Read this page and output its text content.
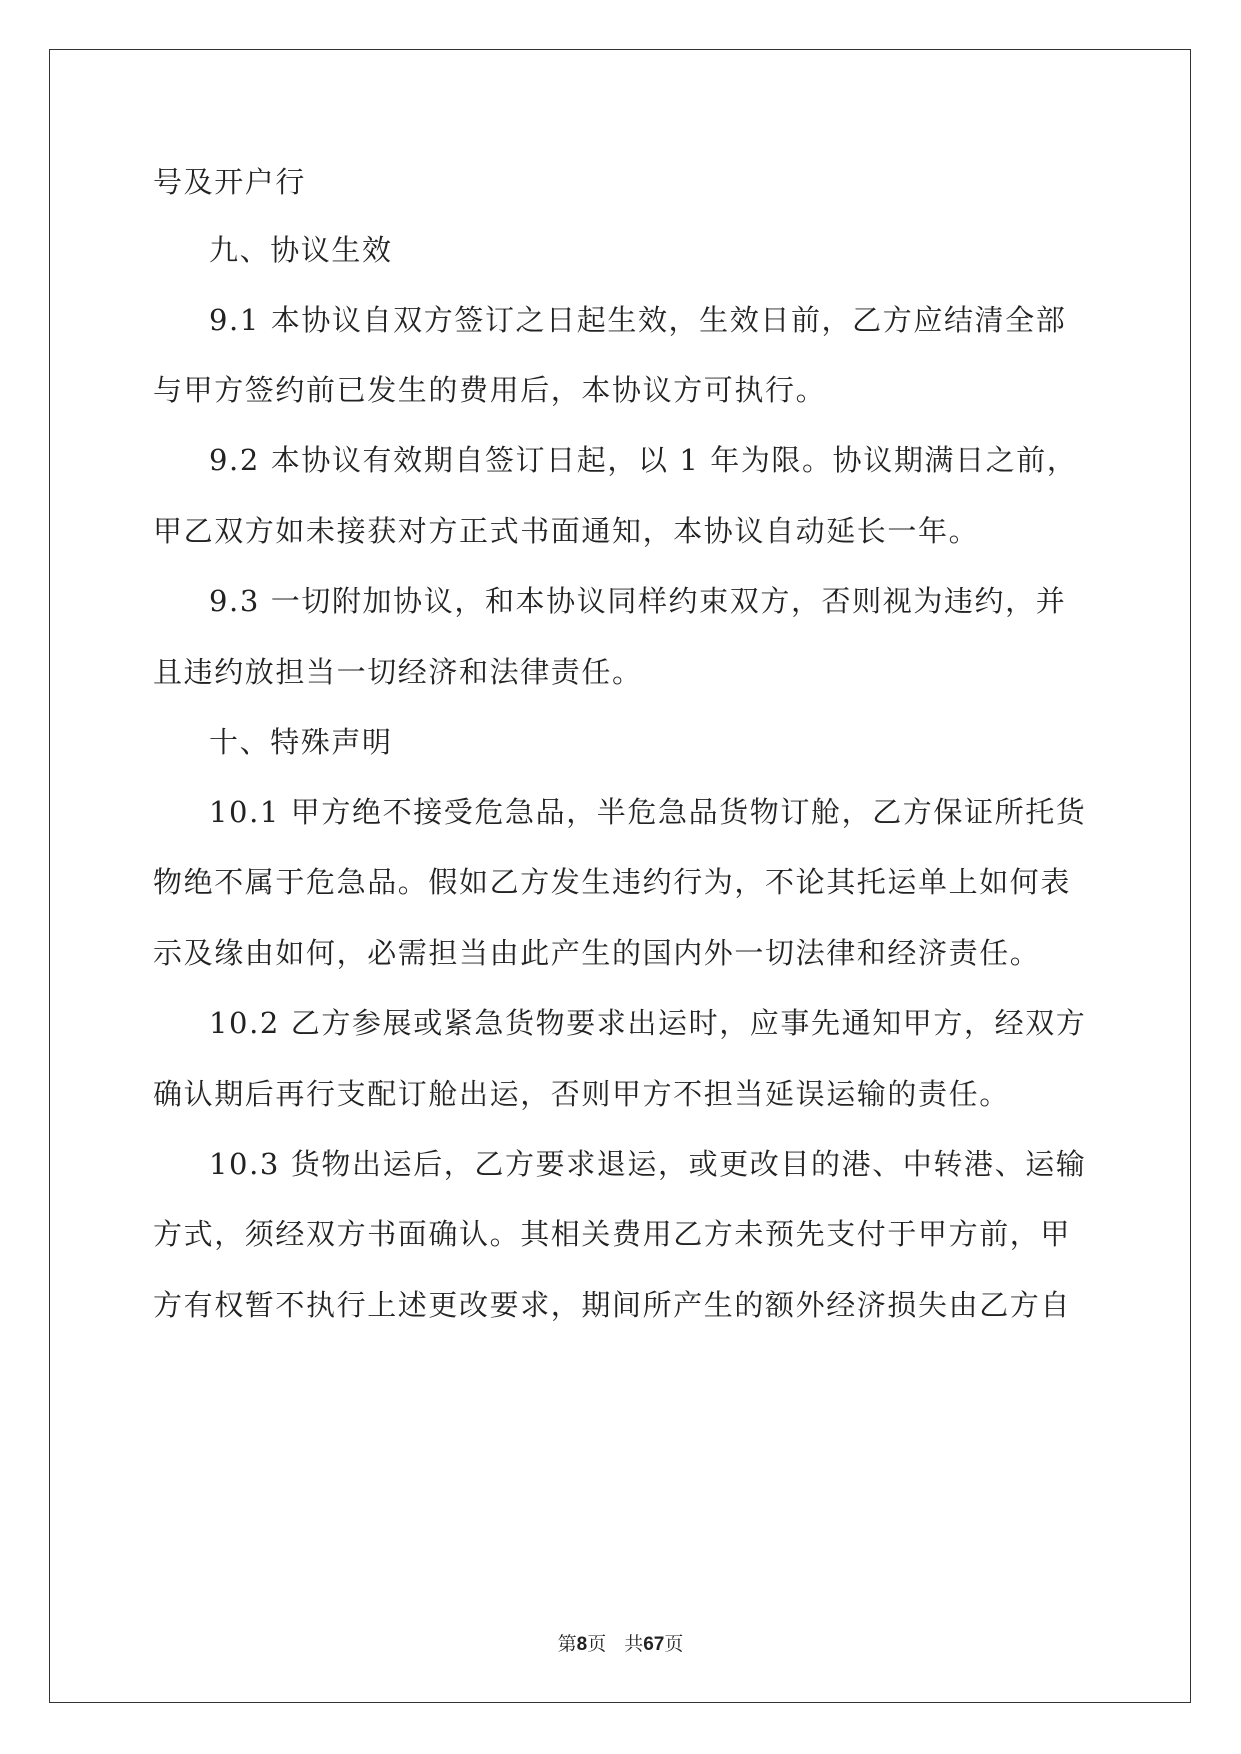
号及开户行
九、协议生效
9.1 本协议自双方签订之日起生效，生效日前，乙方应结清全部
与甲方签约前已发生的费用后，本协议方可执行。
9.2 本协议有效期自签订日起，以 1 年为限。协议期满日之前，
甲乙双方如未接获对方正式书面通知，本协议自动延长一年。
9.3 一切附加协议，和本协议同样约束双方，否则视为违约，并
且违约放担当一切经济和法律责任。
十、特殊声明
10.1 甲方绝不接受危急品，半危急品货物订舱，乙方保证所托货
物绝不属于危急品。假如乙方发生违约行为，不论其托运单上如何表
示及缘由如何，必需担当由此产生的国内外一切法律和经济责任。
10.2 乙方参展或紧急货物要求出运时，应事先通知甲方，经双方
确认期后再行支配订舱出运，否则甲方不担当延误运输的责任。
10.3 货物出运后，乙方要求退运，或更改目的港、中转港、运输
方式，须经双方书面确认。其相关费用乙方未预先支付于甲方前，甲
方有权暂不执行上述更改要求，期间所产生的额外经济损失由乙方自
第8页 共67页
